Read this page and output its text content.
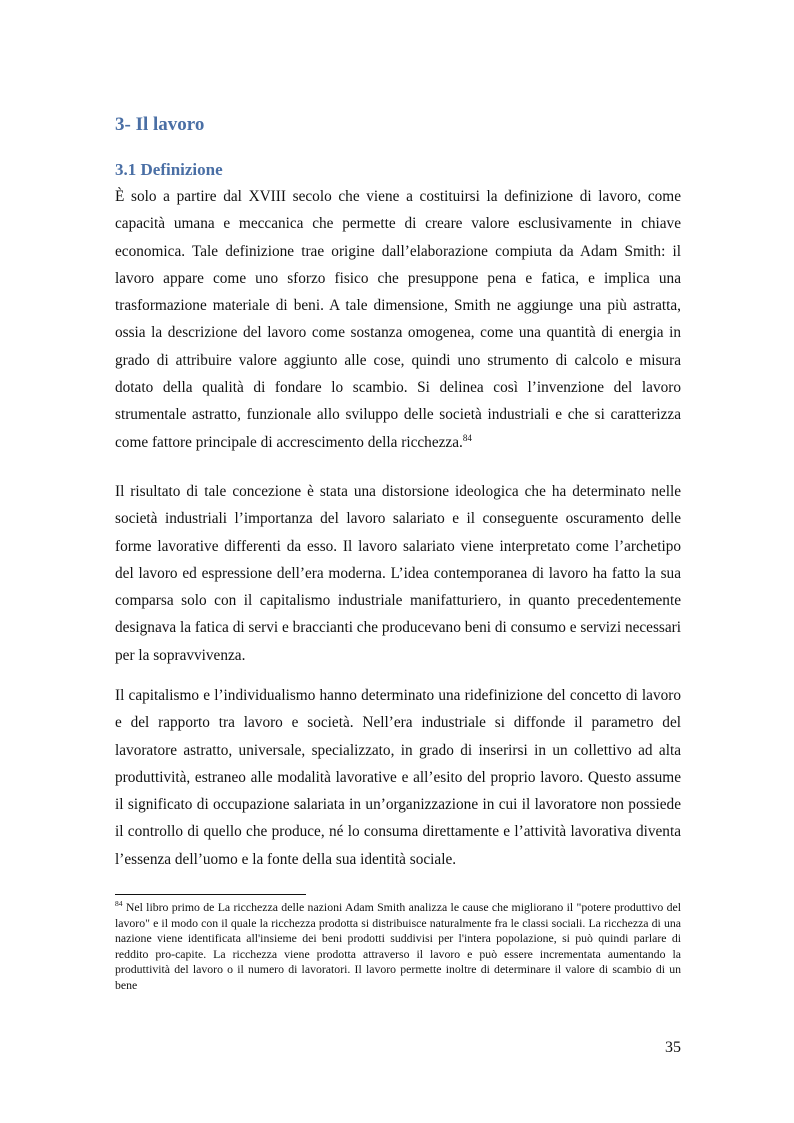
3- Il lavoro
3.1 Definizione

È solo a partire dal XVIII secolo che viene a costituirsi la definizione di lavoro, come capacità umana e meccanica che permette di creare valore esclusivamente in chiave economica. Tale definizione trae origine dall’elaborazione compiuta da Adam Smith: il lavoro appare come uno sforzo fisico che presuppone pena e fatica, e implica una trasformazione materiale di beni. A tale dimensione, Smith ne aggiunge una più astratta, ossia la descrizione del lavoro come sostanza omogenea, come una quantità di energia in grado di attribuire valore aggiunto alle cose, quindi uno strumento di calcolo e misura dotato della qualità di fondare lo scambio. Si delinea così l’invenzione del lavoro strumentale astratto, funzionale allo sviluppo delle società industriali e che si caratterizza come fattore principale di accrescimento della ricchezza.$^{84}$

Il risultato di tale concezione è stata una distorsione ideologica che ha determinato nelle società industriali l’importanza del lavoro salariato e il conseguente oscuramento delle forme lavorative differenti da esso. Il lavoro salariato viene interpretato come l’archetipo del lavoro ed espressione dell’era moderna. L’idea contemporanea di lavoro ha fatto la sua comparsa solo con il capitalismo industriale manifatturiero, in quanto precedentemente designava la fatica di servi e braccianti che producevano beni di consumo e servizi necessari per la sopravvivenza.

Il capitalismo e l’individualismo hanno determinato una ridefinizione del concetto di lavoro e del rapporto tra lavoro e società. Nell’era industriale si diffonde il parametro del lavoratore astratto, universale, specializzato, in grado di inserirsi in un collettivo ad alta produttività, estraneo alle modalità lavorative e all’esito del proprio lavoro. Questo assume il significato di occupazione salariata in un’organizzazione in cui il lavoratore non possiede il controllo di quello che produce, né lo consuma direttamente e l’attività lavorativa diventa l’essenza dell’uomo e la fonte della sua identità sociale.

$^{84}$ Nel libro primo de La ricchezza delle nazioni Adam Smith analizza le cause che migliorano il "potere produttivo del lavoro" e il modo con il quale la ricchezza prodotta si distribuisce naturalmente fra le classi sociali. La ricchezza di una nazione viene identificata all'insieme dei beni prodotti suddivisi per l'intera popolazione, si può quindi parlare di reddito pro-capite. La ricchezza viene prodotta attraverso il lavoro e può essere incrementata aumentando la produttività del lavoro o il numero di lavoratori. Il lavoro permette inoltre di determinare il valore di scambio di un bene

35
